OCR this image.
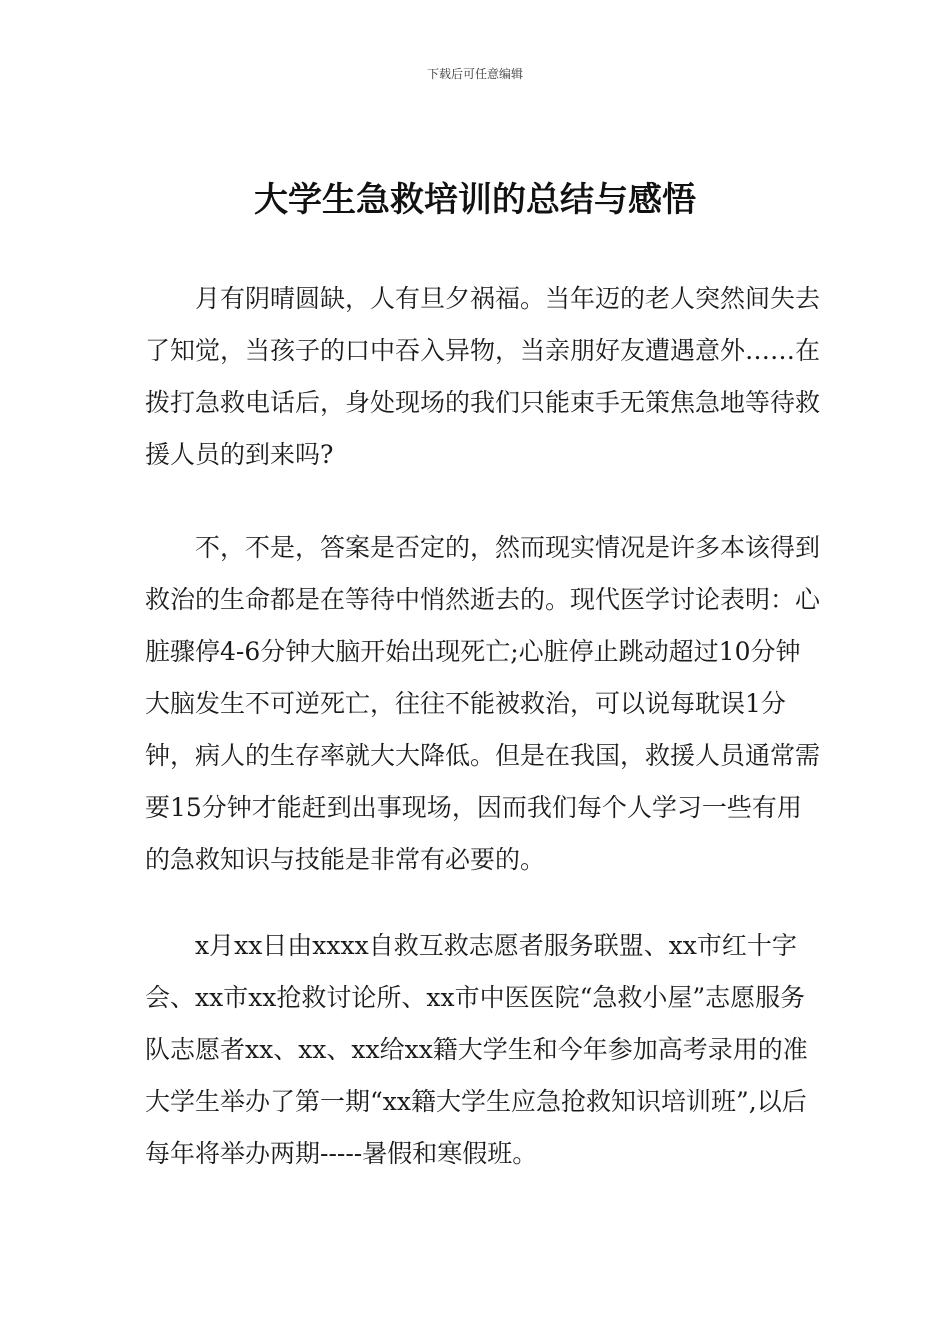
下载后可任意编辑
大学生急救培训的总结与感悟

月有阴晴圆缺，人有旦夕祸福。当年迈的老人突然间失去了知觉，当孩子的口中吞入异物，当亲朋好友遭遇意外……在拨打急救电话后，身处现场的我们只能束手无策焦急地等待救援人员的到来吗?

不，不是，答案是否定的，然而现实情况是许多本该得到救治的生命都是在等待中悄然逝去的。现代医学讨论表明：心脏骤停4-6分钟大脑开始出现死亡;心脏停止跳动超过10分钟大脑发生不可逆死亡，往往不能被救治，可以说每耽误1分钟，病人的生存率就大大降低。但是在我国，救援人员通常需要15分钟才能赶到出事现场，因而我们每个人学习一些有用的急救知识与技能是非常有必要的。

x月xx日由xxxx自救互救志愿者服务联盟、xx市红十字会、xx市xx抢救讨论所、xx市中医医院“急救小屋”志愿服务队志愿者xx、xx、xx给xx籍大学生和今年参加高考录用的准大学生举办了第一期“xx籍大学生应急抢救知识培训班”,以后每年将举办两期-----暑假和寒假班。
